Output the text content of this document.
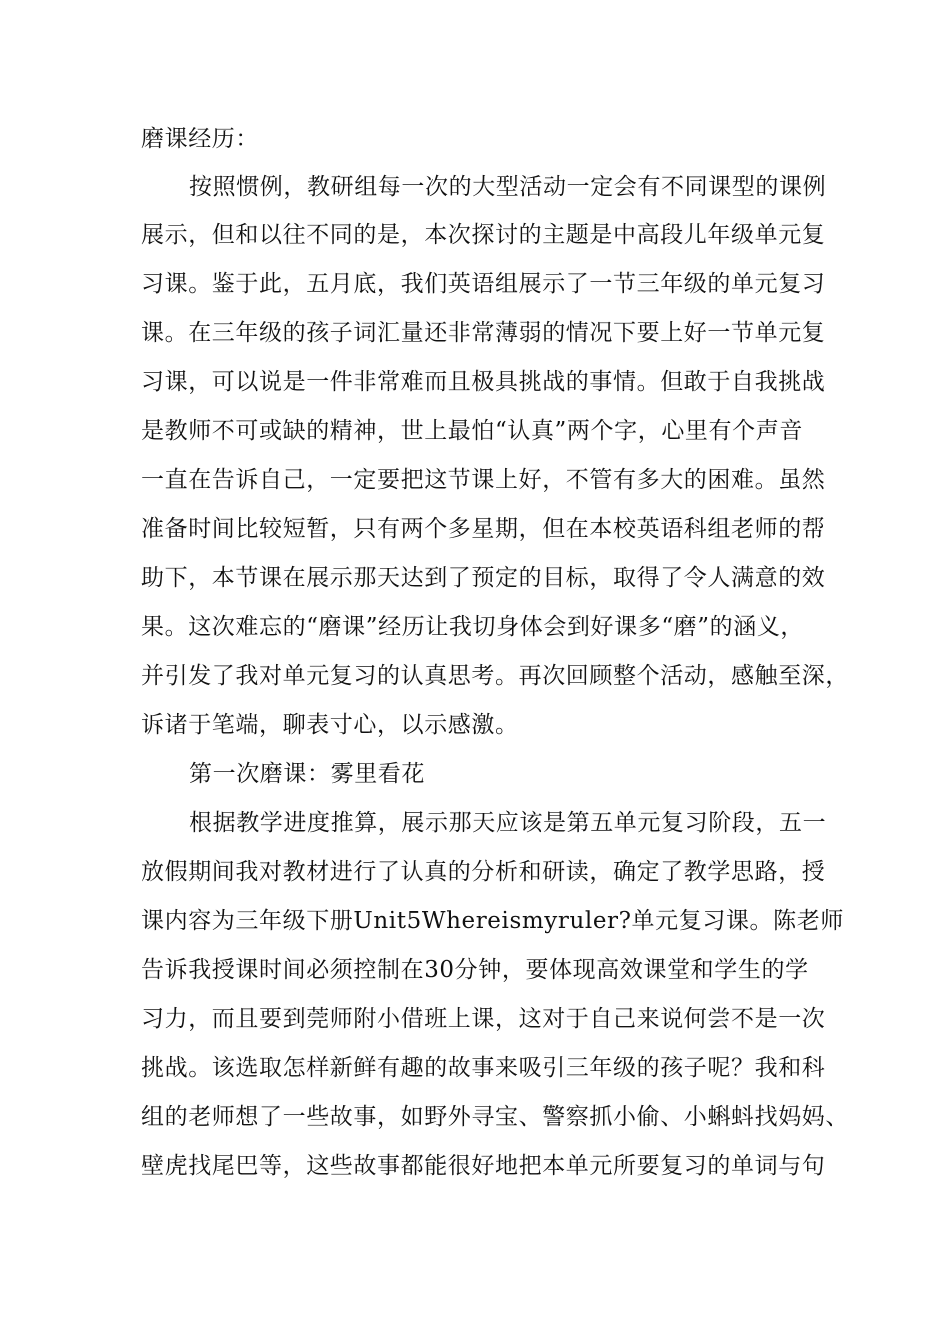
磨课经历：
按照惯例，教研组每一次的大型活动一定会有不同课型的课例
展示，但和以往不同的是，本次探讨的主题是中高段儿年级单元复
习课。鉴于此，五月底，我们英语组展示了一节三年级的单元复习
课。在三年级的孩子词汇量还非常薄弱的情况下要上好一节单元复
习课，可以说是一件非常难而且极具挑战的事情。但敢于自我挑战
是教师不可或缺的精神，世上最怕“认真”两个字，心里有个声音
一直在告诉自己，一定要把这节课上好，不管有多大的困难。虽然
准备时间比较短暂，只有两个多星期，但在本校英语科组老师的帮
助下，本节课在展示那天达到了预定的目标，取得了令人满意的效
果。这次难忘的“磨课”经历让我切身体会到好课多“磨”的涵义，
并引发了我对单元复习的认真思考。再次回顾整个活动，感触至深，
诉诸于笔端，聊表寸心，以示感激。
第一次磨课：雾里看花
根据教学进度推算，展示那天应该是第五单元复习阶段，五一
放假期间我对教材进行了认真的分析和研读，确定了教学思路，授
课内容为三年级下册Unit5Whereismyruler?单元复习课。陈老师
告诉我授课时间必须控制在30分钟，要体现高效课堂和学生的学
习力，而且要到莞师附小借班上课，这对于自己来说何尝不是一次
挑战。该选取怎样新鲜有趣的故事来吸引三年级的孩子呢？我和科
组的老师想了一些故事，如野外寻宝、警察抓小偷、小蝌蚪找妈妈、
壁虎找尾巴等，这些故事都能很好地把本单元所要复习的单词与句
